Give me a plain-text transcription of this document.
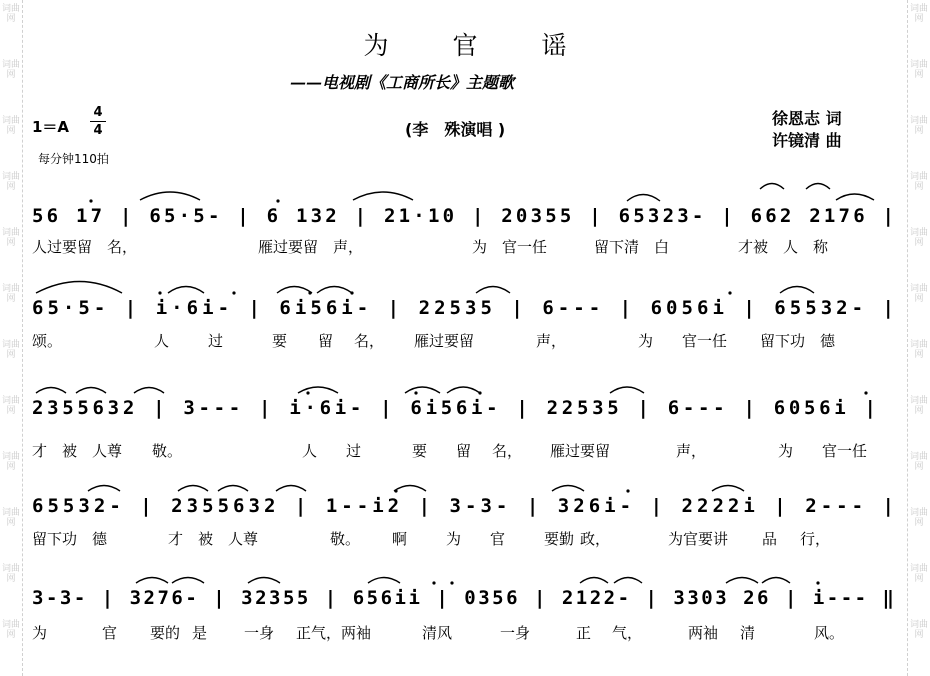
词曲网
词曲网
词曲网
词曲网
词曲网
词曲网
词曲网
词曲网
词曲网
词曲网
词曲网
词曲网
词曲网
词曲网
词曲网
词曲网
词曲网
词曲网
词曲网
词曲网
词曲网
词曲网
词曲网
词曲网
为 官 谣
——电视剧《工商所长》主题歌
$1=A \frac{4}{4}$
每分钟110拍
(李　殊演唱 )
徐恩志 词
许镜清 曲
56 17 | 65·5- | 6 132 | 21·10 | 20355 | 65323- | 662 2176 |
65·5- | i·6i- | 6i56i- | 22535 | 6--- | 6056i | 65532- |
2355632 | 3--- | i·6i- | 6i56i- | 22535 | 6--- | 6056i |
65532- | 2355632 | 1--i2 | 3-3- | 326i- | 2222i | 2--- |
3-3- | 3276- | 32355 | 656ii | 0356 | 2122- | 3303 26 | i--- ‖
人过要留　名，	雁过要留　声，	为　官一任	留下清　白	才被　人　称
颂。	人	过	要 留 名， 雁过要留	声，	为 官一任 留下功　德
才　被　人尊　　敬。	人 过	要 留 名， 雁过要留	声，	为 官一任
留下功　德	才　被　人尊	敬。 啊	为 官	要勤 政，	为官要讲 品 行，
为	官 要的 是 一身 正气，两袖	清风	一身	正 气，	两袖 清	风。
